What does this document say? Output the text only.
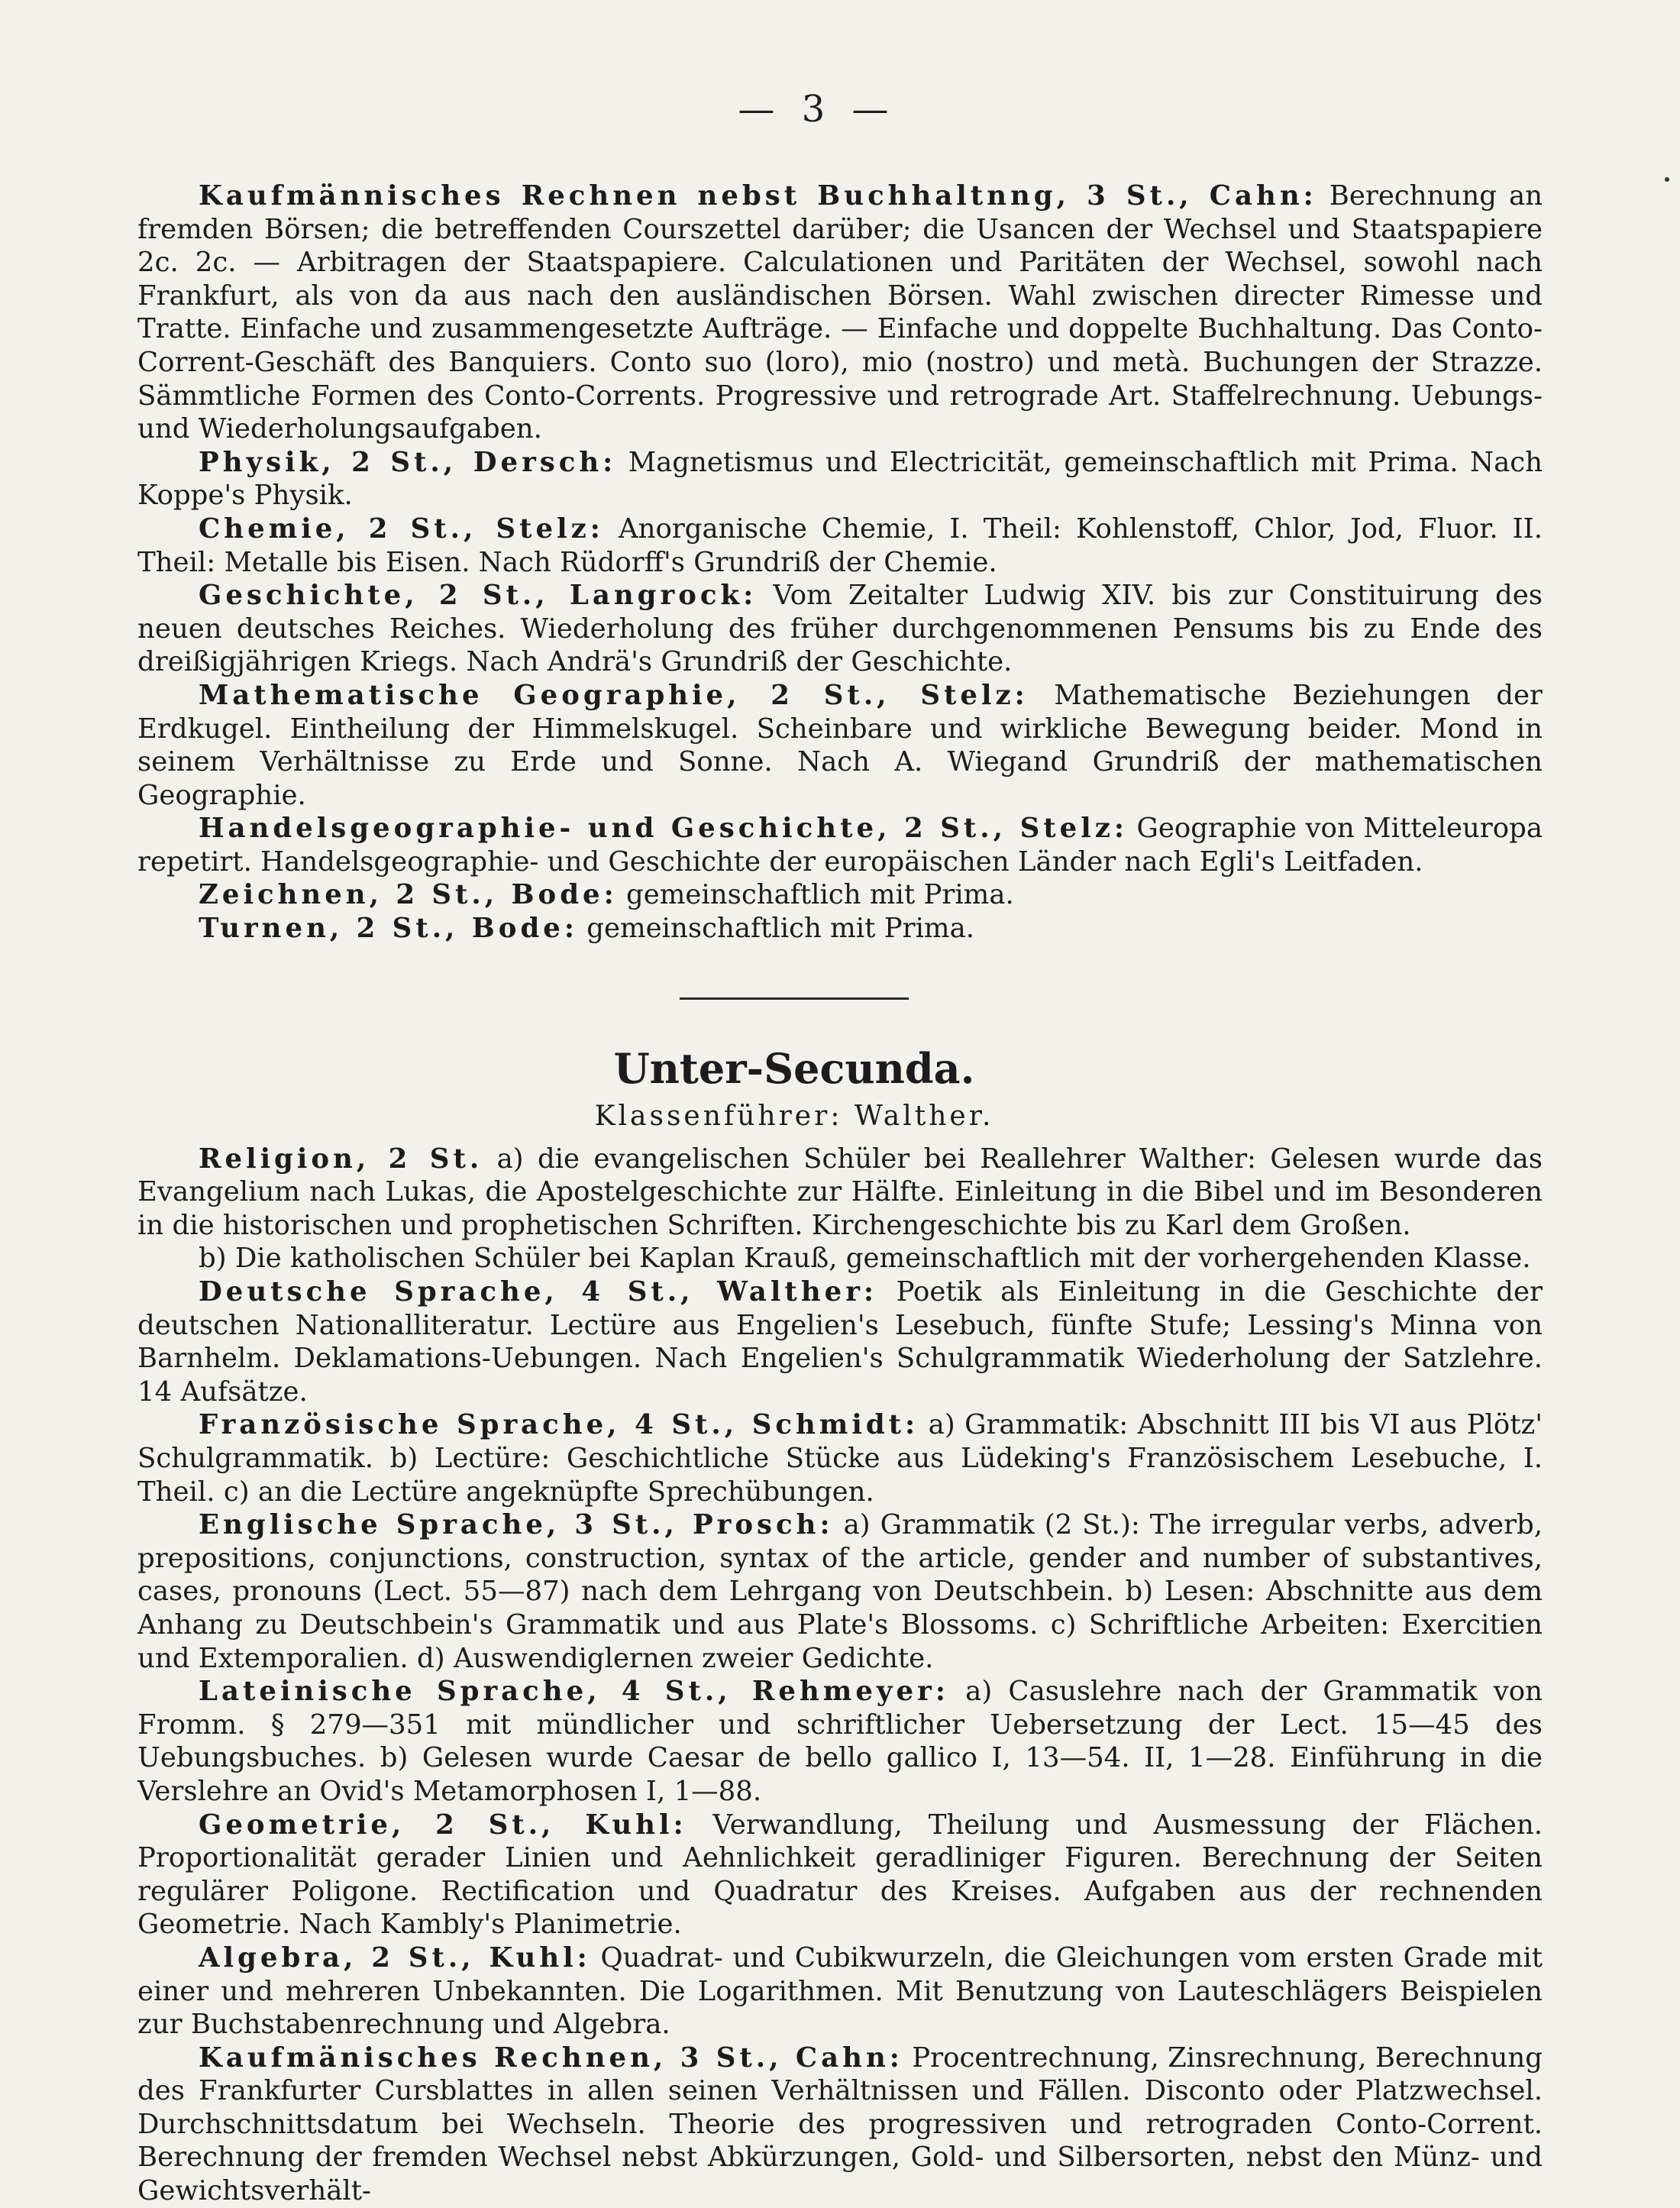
— 3 —

Kaufmännisches Rechnen nebst Buchhaltnng, 3 St., Cahn: Berechnung an fremden Börsen; die betreffenden Courszettel darüber; die Usancen der Wechsel und Staatspapiere 2c. 2c. — Arbitragen der Staatspapiere. Calculationen und Paritäten der Wechsel, sowohl nach Frankfurt, als von da aus nach den ausländischen Börsen. Wahl zwischen directer Rimesse und Tratte. Einfache und zusammengesetzte Aufträge. — Einfache und doppelte Buchhaltung. Das Conto-Corrent-Geschäft des Banquiers. Conto suo (loro), mio (nostro) und metà. Buchungen der Strazze. Sämmtliche Formen des Conto-Corrents. Progressive und retrograde Art. Staffelrechnung. Uebungs- und Wiederholungsaufgaben.

Physik, 2 St., Dersch: Magnetismus und Electricität, gemeinschaftlich mit Prima. Nach Koppe's Physik.

Chemie, 2 St., Stelz: Anorganische Chemie, I. Theil: Kohlenstoff, Chlor, Jod, Fluor. II. Theil: Metalle bis Eisen. Nach Rüdorff's Grundriß der Chemie.

Geschichte, 2 St., Langrock: Vom Zeitalter Ludwig XIV. bis zur Constituirung des neuen deutsches Reiches. Wiederholung des früher durchgenommenen Pensums bis zu Ende des dreißigjährigen Kriegs. Nach Andrä's Grundriß der Geschichte.

Mathematische Geographie, 2 St., Stelz: Mathematische Beziehungen der Erdkugel. Eintheilung der Himmelskugel. Scheinbare und wirkliche Bewegung beider. Mond in seinem Verhältnisse zu Erde und Sonne. Nach A. Wiegand Grundriß der mathematischen Geographie.

Handelsgeographie- und Geschichte, 2 St., Stelz: Geographie von Mitteleuropa repetirt. Handelsgeographie- und Geschichte der europäischen Länder nach Egli's Leitfaden.

Zeichnen, 2 St., Bode: gemeinschaftlich mit Prima.

Turnen, 2 St., Bode: gemeinschaftlich mit Prima.

Unter-Secunda.
Klassenführer: Walther.

Religion, 2 St. a) die evangelischen Schüler bei Reallehrer Walther: Gelesen wurde das Evangelium nach Lukas, die Apostelgeschichte zur Hälfte. Einleitung in die Bibel und im Besonderen in die historischen und prophetischen Schriften. Kirchengeschichte bis zu Karl dem Großen.

b) Die katholischen Schüler bei Kaplan Krauß, gemeinschaftlich mit der vorhergehenden Klasse.

Deutsche Sprache, 4 St., Walther: Poetik als Einleitung in die Geschichte der deutschen Nationalliteratur. Lectüre aus Engelien's Lesebuch, fünfte Stufe; Lessing's Minna von Barnhelm. Deklamations-Uebungen. Nach Engelien's Schulgrammatik Wiederholung der Satzlehre. 14 Aufsätze.

Französische Sprache, 4 St., Schmidt: a) Grammatik: Abschnitt III bis VI aus Plötz' Schulgrammatik. b) Lectüre: Geschichtliche Stücke aus Lüdeking's Französischem Lesebuche, I. Theil. c) an die Lectüre angeknüpfte Sprechübungen.

Englische Sprache, 3 St., Prosch: a) Grammatik (2 St.): The irregular verbs, adverb, prepositions, conjunctions, construction, syntax of the article, gender and number of substantives, cases, pronouns (Lect. 55—87) nach dem Lehrgang von Deutschbein. b) Lesen: Abschnitte aus dem Anhang zu Deutschbein's Grammatik und aus Plate's Blossoms. c) Schriftliche Arbeiten: Exercitien und Extemporalien. d) Auswendiglernen zweier Gedichte.

Lateinische Sprache, 4 St., Rehmeyer: a) Casuslehre nach der Grammatik von Fromm. § 279—351 mit mündlicher und schriftlicher Uebersetzung der Lect. 15—45 des Uebungsbuches. b) Gelesen wurde Caesar de bello gallico I, 13—54. II, 1—28. Einführung in die Verslehre an Ovid's Metamorphosen I, 1—88.

Geometrie, 2 St., Kuhl: Verwandlung, Theilung und Ausmessung der Flächen. Proportionalität gerader Linien und Aehnlichkeit geradliniger Figuren. Berechnung der Seiten regulärer Poligone. Rectification und Quadratur des Kreises. Aufgaben aus der rechnenden Geometrie. Nach Kambly's Planimetrie.

Algebra, 2 St., Kuhl: Quadrat- und Cubikwurzeln, die Gleichungen vom ersten Grade mit einer und mehreren Unbekannten. Die Logarithmen. Mit Benutzung von Lauteschlägers Beispielen zur Buchstabenrechnung und Algebra.

Kaufmänisches Rechnen, 3 St., Cahn: Procentrechnung, Zinsrechnung, Berechnung des Frankfurter Cursblattes in allen seinen Verhältnissen und Fällen. Disconto oder Platzwechsel. Durchschnittsdatum bei Wechseln. Theorie des progressiven und retrograden Conto-Corrent. Berechnung der fremden Wechsel nebst Abkürzungen, Gold- und Silbersorten, nebst den Münz- und Gewichtsverhält-
